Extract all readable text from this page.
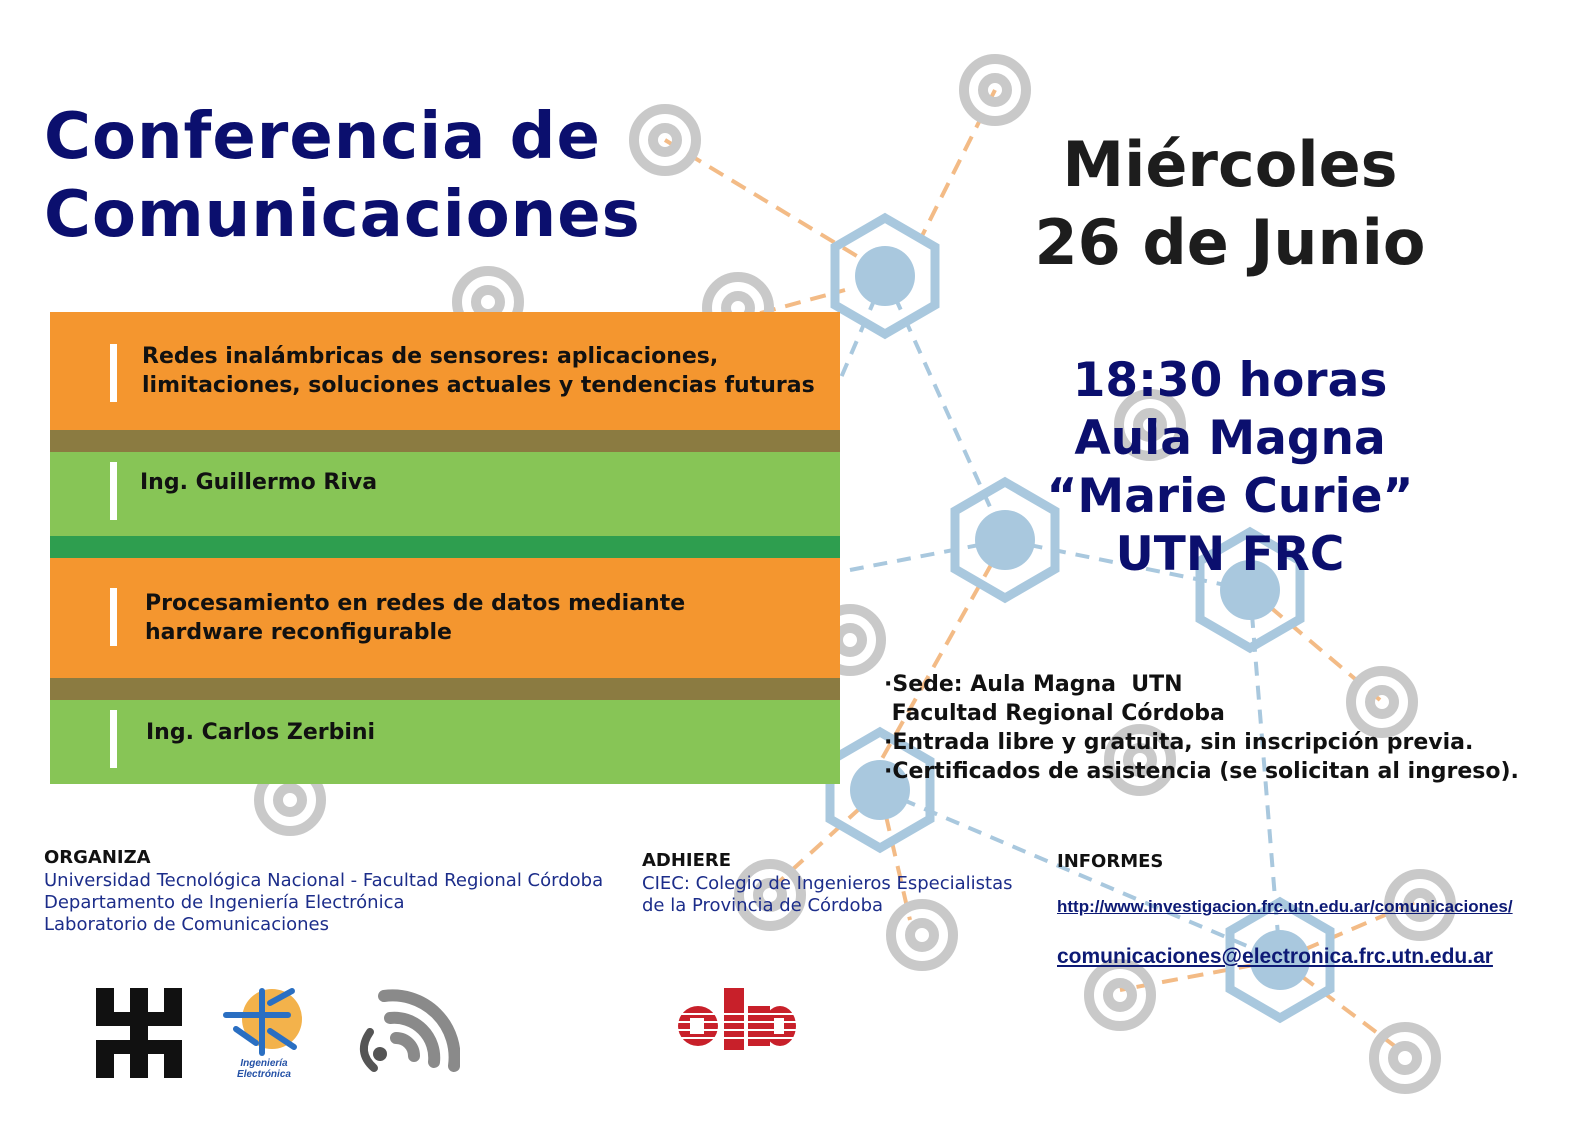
Conferencia de
Comunicaciones
Miércoles
26 de Junio
18:30 horas
Aula Magna
“Marie Curie”
UTN FRC
Redes inalámbricas de sensores: aplicaciones,
limitaciones, soluciones actuales y tendencias futuras
Ing. Guillermo Riva
Procesamiento en redes de datos mediante
hardware reconfigurable
Ing. Carlos Zerbini
·Sede: Aula Magna  UTN
Facultad Regional Córdoba
·Entrada libre y gratuita, sin inscripción previa.
·Certificados de asistencia (se solicitan al ingreso).
ORGANIZA
Universidad Tecnológica Nacional - Facultad Regional Córdoba
Departamento de Ingeniería Electrónica
Laboratorio de Comunicaciones
ADHIERE
CIEC: Colegio de Ingenieros Especialistas
de la Provincia de Córdoba
INFORMES
http://www.investigacion.frc.utn.edu.ar/comunicaciones/
comunicaciones@electronica.frc.utn.edu.ar
Ingeniería Electrónica
